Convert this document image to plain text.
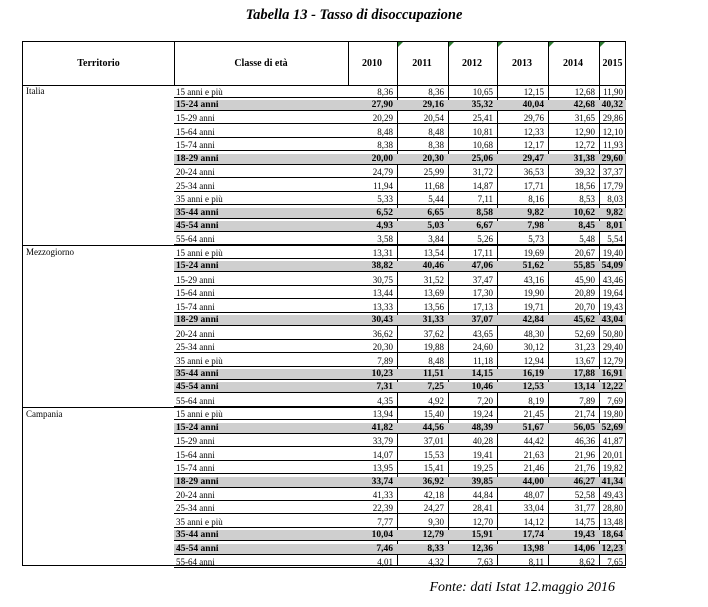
Tabella 13 - Tasso di disoccupazione
Territorio	Classe di età	2010	2011	2012	2013	2014	2015
Italia	15 anni e più	8,36	8,36	10,65	12,15	12,68 11,90
15-24 anni	27,90	29,16	35,32	40,04	42,68 40,32
15-29 anni	20,29	20,54	25,41	29,76	31,65 29,86
15-64 anni	8,48	8,48	10,81	12,33	12,90 12,10
15-74 anni	8,38	8,38	10,68	12,17	12,72 11,93
18-29 anni	20,00	20,30	25,06	29,47	31,38 29,60
20-24 anni	24,79	25,99	31,72	36,53	39,32 37,37
25-34 anni	11,94	11,68	14,87	17,71	18,56 17,79
35 anni e più	5,33	5,44	7,11	8,16	8,53	8,03
35-44 anni	6,52	6,65	8,58	9,82	10,62	9,82
45-54 anni	4,93	5,03	6,67	7,98	8,45	8,01
55-64 anni	3,58	3,84	5,26	5,73	5,48	5,54
Mezzogiorno	15 anni e più	13,31	13,54	17,11	19,69	20,67 19,40
15-24 anni	38,82	40,46	47,06	51,62	55,85 54,09
15-29 anni	30,75	31,52	37,47	43,16	45,90 43,46
15-64 anni	13,44	13,69	17,30	19,90	20,89 19,64
15-74 anni	13,33	13,56	17,13	19,71	20,70 19,43
18-29 anni	30,43	31,33	37,07	42,84	45,62 43,04
20-24 anni	36,62	37,62	43,65	48,30	52,69 50,80
25-34 anni	20,30	19,88	24,60	30,12	31,23 29,40
35 anni e più	7,89	8,48	11,18	12,94	13,67 12,79
35-44 anni	10,23	11,51	14,15	16,19	17,88 16,91
45-54 anni	7,31	7,25	10,46	12,53	13,14 12,22
55-64 anni	4,35	4,92	7,20	8,19	7,89	7,69
Campania	15 anni e più	13,94	15,40	19,24	21,45	21,74 19,80
15-24 anni	41,82	44,56	48,39	51,67	56,05 52,69
15-29 anni	33,79	37,01	40,28	44,42	46,36 41,87
15-64 anni	14,07	15,53	19,41	21,63	21,96 20,01
15-74 anni	13,95	15,41	19,25	21,46	21,76 19,82
18-29 anni	33,74	36,92	39,85	44,00	46,27 41,34
20-24 anni	41,33	42,18	44,84	48,07	52,58 49,43
25-34 anni	22,39	24,27	28,41	33,04	31,77 28,80
35 anni e più	7,77	9,30	12,70	14,12	14,75 13,48
35-44 anni	10,04	12,79	15,91	17,74	19,43 18,64
45-54 anni	7,46	8,33	12,36	13,98	14,06 12,23
55-64 anni	4,01	4,32	7,63	8,11	8,62	7,65
Fonte: dati Istat 12.maggio 2016
